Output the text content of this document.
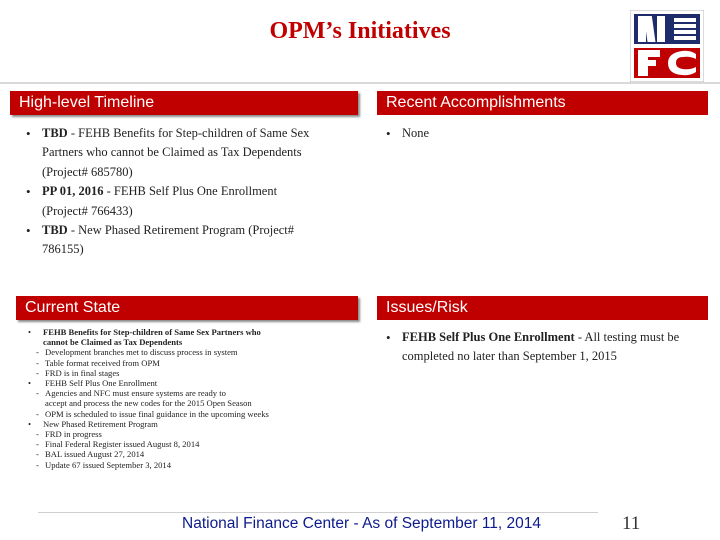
OPM’s Initiatives
High-level Timeline
• TBD - FEHB Benefits for Step-children of Same Sex Partners who cannot be Claimed as Tax Dependents (Project# 685780)
• PP 01, 2016 - FEHB Self Plus One Enrollment (Project# 766433)
• TBD - New Phased Retirement Program (Project# 786155)
Recent Accomplishments
• None
Current State
• FEHB Benefits for Step-children of Same Sex Partners who
cannot be Claimed as Tax Dependents
- Development branches met to discuss process in system
- Table format received from OPM
- FRD is in final stages
• FEHB Self Plus One Enrollment
- Agencies and NFC must ensure systems are ready to
accept and process the new codes for the 2015 Open Season
- OPM is scheduled to issue final guidance in the upcoming weeks
• New Phased Retirement Program
- FRD in progress
- Final Federal Register issued August 8, 2014
- BAL issued August 27, 2014
- Update 67 issued September 3, 2014
Issues/Risk
• FEHB Self Plus One Enrollment - All testing must be completed no later than September 1, 2015
National Finance Center - As of September 11, 2014	11
